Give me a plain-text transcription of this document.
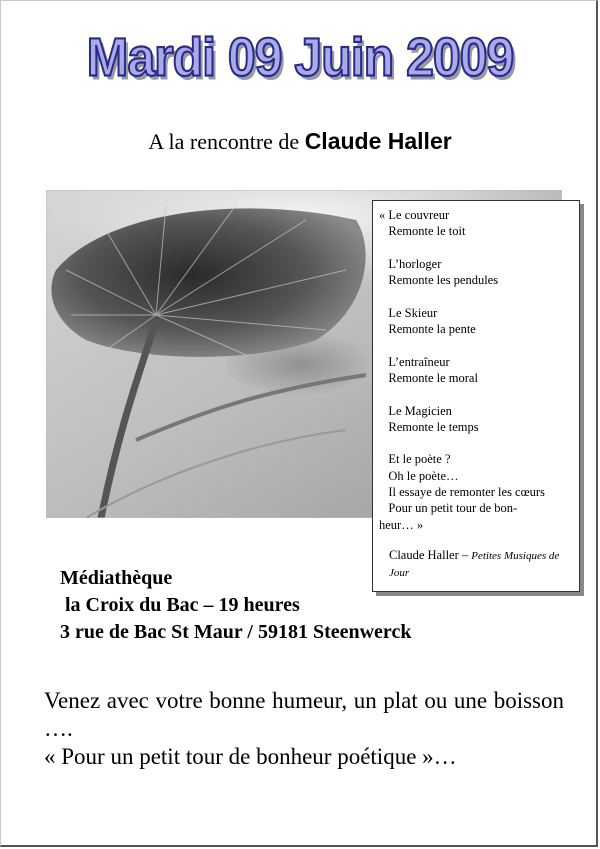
Mardi 09 Juin 2009
A la rencontre de Claude Haller
« Le couvreur
Remonte le toit
L’horloger
Remonte les pendules
Le Skieur
Remonte la pente
L’entraîneur
Remonte le moral
Le Magicien
Remonte le temps
Et le poète ?
Oh le poète…
Il essaye de remonter les cœurs
Pour un petit tour de bon-
heur… »
Claude Haller – Petites Musiques de Jour
Médiathèque
la Croix du Bac – 19 heures
3 rue de Bac St Maur / 59181 Steenwerck
Venez avec votre bonne humeur, un plat ou une boisson ….
« Pour un petit tour de bonheur poétique »…
